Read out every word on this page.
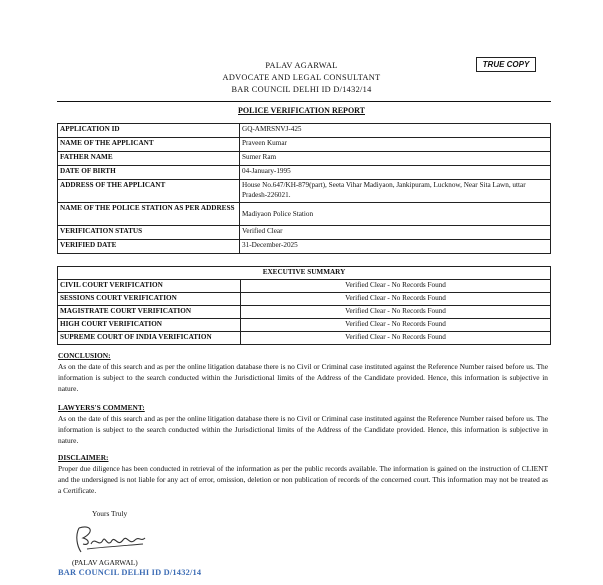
TRUE COPY
PALAV AGARWAL
ADVOCATE AND LEGAL CONSULTANT
BAR COUNCIL DELHI ID D/1432/14
POLICE VERIFICATION REPORT
APPLICATION ID	GQ-AMRSNVJ-425
NAME OF THE APPLICANT	Praveen Kumar
FATHER NAME	Sumer Ram
DATE OF BIRTH	04-January-1995
ADDRESS OF THE APPLICANT	House No.647/KH-879(part), Seeta Vihar Madiyaon, Jankipuram, Lucknow, Near Sita Lawn, uttar Pradesh-226021.
NAME OF THE POLICE STATION AS PER ADDRESS	Madiyaon Police Station
VERIFICATION STATUS	Verified Clear
VERIFIED DATE	31-December-2025
EXECUTIVE SUMMARY	
CIVIL COURT VERIFICATION	Verified Clear - No Records Found
SESSIONS COURT VERIFICATION	Verified Clear - No Records Found
MAGISTRATE COURT VERIFICATION	Verified Clear - No Records Found
HIGH COURT VERIFICATION	Verified Clear - No Records Found
SUPREME COURT OF INDIA VERIFICATION	Verified Clear - No Records Found
CONCLUSION:
As on the date of this search and as per the online litigation database there is no Civil or Criminal case instituted against the Reference Number raised before us. The information is subject to the search conducted within the Jurisdictional limits of the Address of the Candidate provided. Hence, this information is subjective in nature.
LAWYERS'S COMMENT:
As on the date of this search and as per the online litigation database there is no Civil or Criminal case instituted against the Reference Number raised before us. The information is subject to the search conducted within the Jurisdictional limits of the Address of the Candidate provided. Hence, this information is subjective in nature.
DISCLAIMER:
Proper due diligence has been conducted in retrieval of the information as per the public records available. The information is gained on the instruction of CLIENT and the undersigned is not liable for any act of error, omission, deletion or non publication of records of the concerned court. This information may not be treated as a Certificate.
Yours Truly
(PALAV AGARWAL)
BAR COUNCIL DELHI ID D/1432/14
